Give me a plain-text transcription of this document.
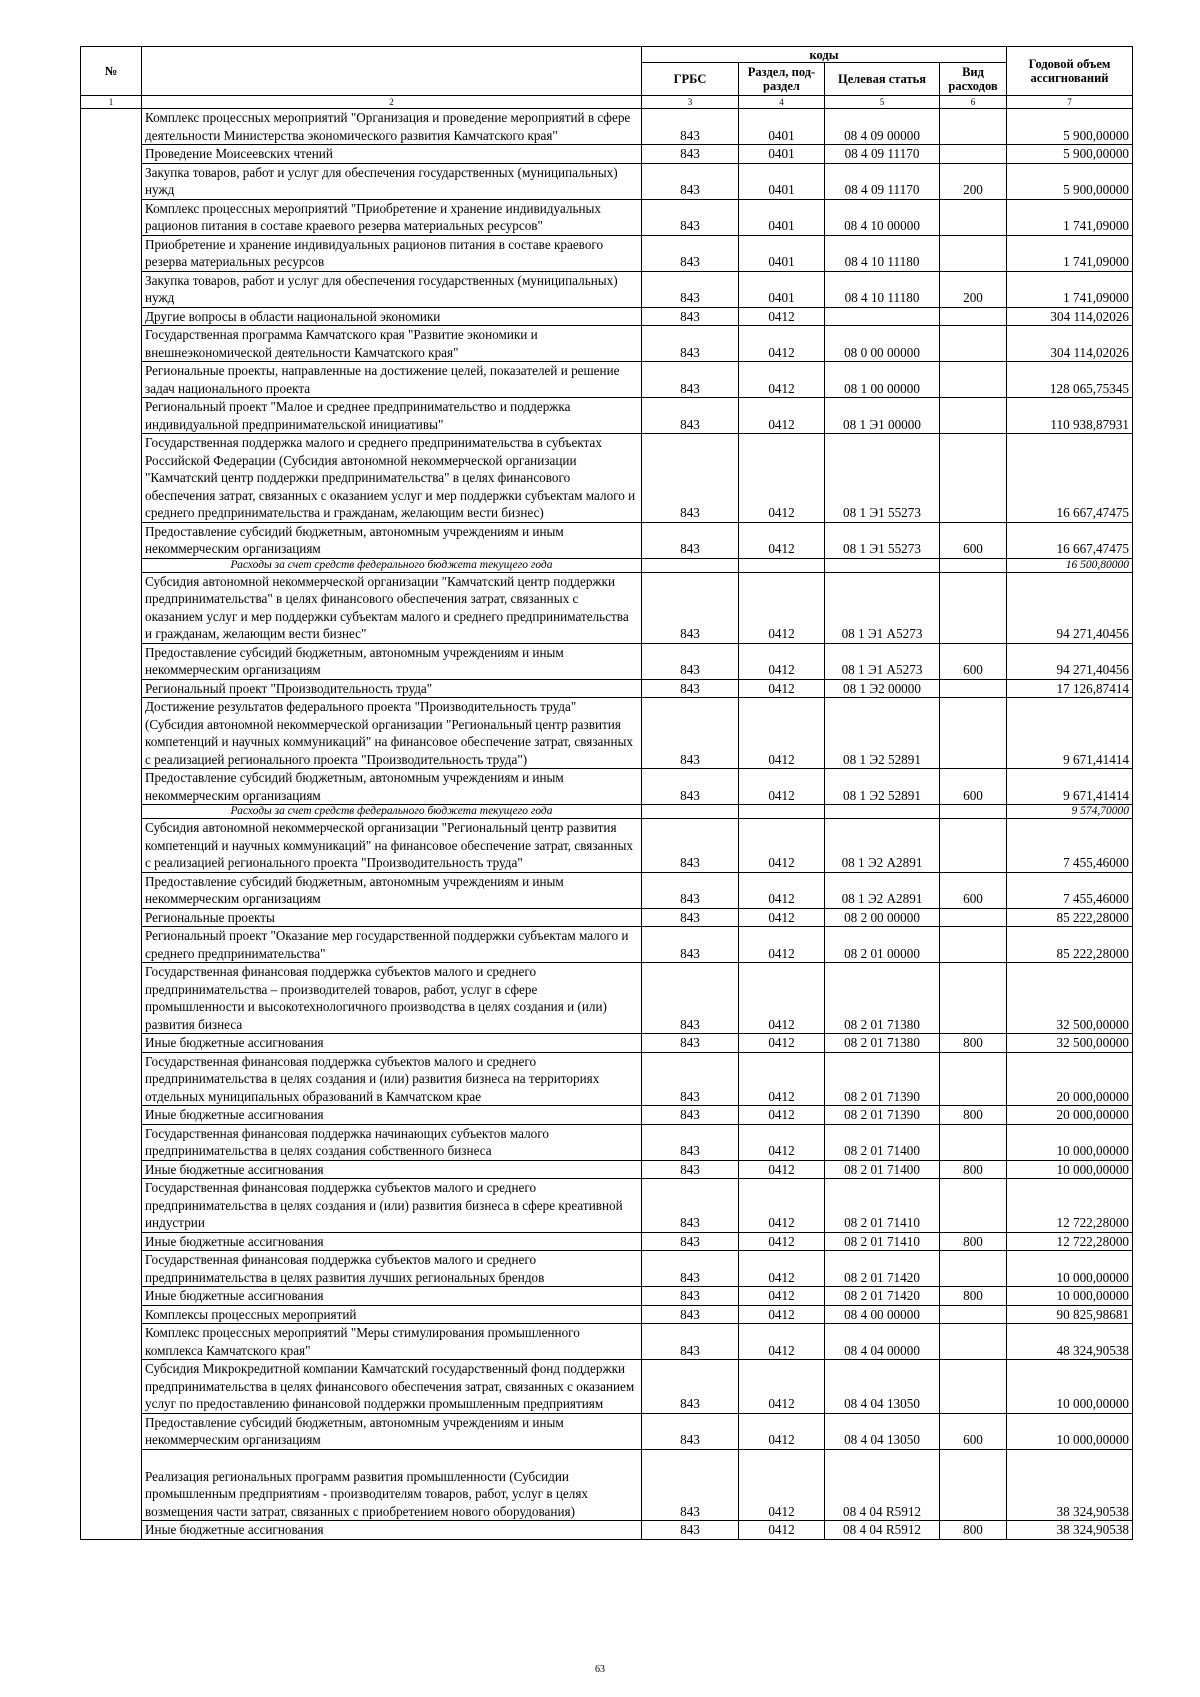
№		коды				Годовой объем ассигнований
		ГРБС	Раздел, под-раздел	Целевая статья	Вид расходов	
1	2	3	4	5	6	7
	Комплекс процессных мероприятий "Организация и проведение мероприятий в сфере деятельности Министерства экономического развития Камчатского края"	843	0401	08 4 09 00000		5 900,00000
	Проведение Моисеевских чтений	843	0401	08 4 09 11170		5 900,00000
	Закупка товаров, работ и услуг для обеспечения государственных (муниципальных) нужд	843	0401	08 4 09 11170	200	5 900,00000
	Комплекс процессных мероприятий "Приобретение и хранение индивидуальных рационов питания в составе краевого резерва материальных ресурсов"	843	0401	08 4 10 00000		1 741,09000
	Приобретение и хранение индивидуальных рационов питания в составе краевого резерва материальных ресурсов	843	0401	08 4 10 11180		1 741,09000
	Закупка товаров, работ и услуг для обеспечения государственных (муниципальных) нужд	843	0401	08 4 10 11180	200	1 741,09000
	Другие вопросы в области национальной экономики	843	0412			304 114,02026
	Государственная программа Камчатского края "Развитие экономики и внешнеэкономической деятельности Камчатского края"	843	0412	08 0 00 00000		304 114,02026
	Региональные проекты, направленные на достижение целей, показателей и решение задач национального проекта	843	0412	08 1 00 00000		128 065,75345
	Региональный проект "Малое и среднее предпринимательство и поддержка индивидуальной предпринимательской инициативы"	843	0412	08 1 Э1 00000		110 938,87931
	Государственная поддержка малого и среднего предпринимательства в субъектах Российской Федерации (Субсидия автономной некоммерческой организации "Камчатский центр поддержки предпринимательства" в целях финансового обеспечения затрат, связанных с оказанием услуг и мер поддержки субъектам малого и среднего предпринимательства и гражданам, желающим вести бизнес)	843	0412	08 1 Э1 55273		16 667,47475
	Предоставление субсидий бюджетным, автономным учреждениям и иным некоммерческим организациям	843	0412	08 1 Э1 55273	600	16 667,47475
	Расходы за счет средств федерального бюджета текущего года					16 500,80000
	Субсидия автономной некоммерческой организации "Камчатский центр поддержки предпринимательства" в целях финансового обеспечения затрат, связанных с оказанием услуг и мер поддержки субъектам малого и среднего предпринимательства и гражданам, желающим вести бизнес"	843	0412	08 1 Э1 А5273		94 271,40456
	Предоставление субсидий бюджетным, автономным учреждениям и иным некоммерческим организациям	843	0412	08 1 Э1 А5273	600	94 271,40456
	Региональный проект "Производительность труда"	843	0412	08 1 Э2 00000		17 126,87414
	Достижение результатов федерального проекта "Производительность труда" (Субсидия автономной некоммерческой организации "Региональный центр развития компетенций и научных коммуникаций" на финансовое обеспечение затрат, связанных с реализацией регионального проекта "Производительность труда")	843	0412	08 1 Э2 52891		9 671,41414
	Предоставление субсидий бюджетным, автономным учреждениям и иным некоммерческим организациям	843	0412	08 1 Э2 52891	600	9 671,41414
	Расходы за счет средств федерального бюджета текущего года					9 574,70000
	Субсидия автономной некоммерческой организации "Региональный центр развития компетенций и научных коммуникаций" на финансовое обеспечение затрат, связанных с реализацией регионального проекта "Производительность труда"	843	0412	08 1 Э2 А2891		7 455,46000
	Предоставление субсидий бюджетным, автономным учреждениям и иным некоммерческим организациям	843	0412	08 1 Э2 А2891	600	7 455,46000
	Региональные проекты	843	0412	08 2 00 00000		85 222,28000
	Региональный проект "Оказание мер государственной поддержки субъектам малого и среднего предпринимательства"	843	0412	08 2 01 00000		85 222,28000
	Государственная финансовая поддержка субъектов малого и среднего предпринимательства – производителей товаров, работ, услуг в сфере промышленности и высокотехнологичного производства в целях создания и (или) развития бизнеса	843	0412	08 2 01 71380		32 500,00000
	Иные бюджетные ассигнования	843	0412	08 2 01 71380	800	32 500,00000
	Государственная финансовая поддержка субъектов малого и среднего предпринимательства в целях создания и (или) развития бизнеса на территориях отдельных муниципальных образований в Камчатском крае	843	0412	08 2 01 71390		20 000,00000
	Иные бюджетные ассигнования	843	0412	08 2 01 71390	800	20 000,00000
	Государственная финансовая поддержка начинающих субъектов малого предпринимательства в целях создания собственного бизнеса	843	0412	08 2 01 71400		10 000,00000
	Иные бюджетные ассигнования	843	0412	08 2 01 71400	800	10 000,00000
	Государственная финансовая поддержка субъектов малого и среднего предпринимательства в целях создания и (или) развития бизнеса в сфере креативной индустрии	843	0412	08 2 01 71410		12 722,28000
	Иные бюджетные ассигнования	843	0412	08 2 01 71410	800	12 722,28000
	Государственная финансовая поддержка субъектов малого и среднего предпринимательства в целях развития лучших региональных брендов	843	0412	08 2 01 71420		10 000,00000
	Иные бюджетные ассигнования	843	0412	08 2 01 71420	800	10 000,00000
	Комплексы процессных мероприятий	843	0412	08 4 00 00000		90 825,98681
	Комплекс процессных мероприятий "Меры стимулирования промышленного комплекса Камчатского края"	843	0412	08 4 04 00000		48 324,90538
	Субсидия Микрокредитной компании Камчатский государственный фонд поддержки предпринимательства в целях финансового обеспечения затрат, связанных с оказанием услуг по предоставлению финансовой поддержки промышленным предприятиям	843	0412	08 4 04 13050		10 000,00000
	Предоставление субсидий бюджетным, автономным учреждениям и иным некоммерческим организациям	843	0412	08 4 04 13050	600	10 000,00000
	Реализация региональных программ развития промышленности (Субсидии промышленным предприятиям - производителям товаров, работ, услуг в целях возмещения части затрат, связанных с приобретением нового оборудования)	843	0412	08 4 04 R5912		38 324,90538
	Иные бюджетные ассигнования	843	0412	08 4 04 R5912	800	38 324,90538
63
